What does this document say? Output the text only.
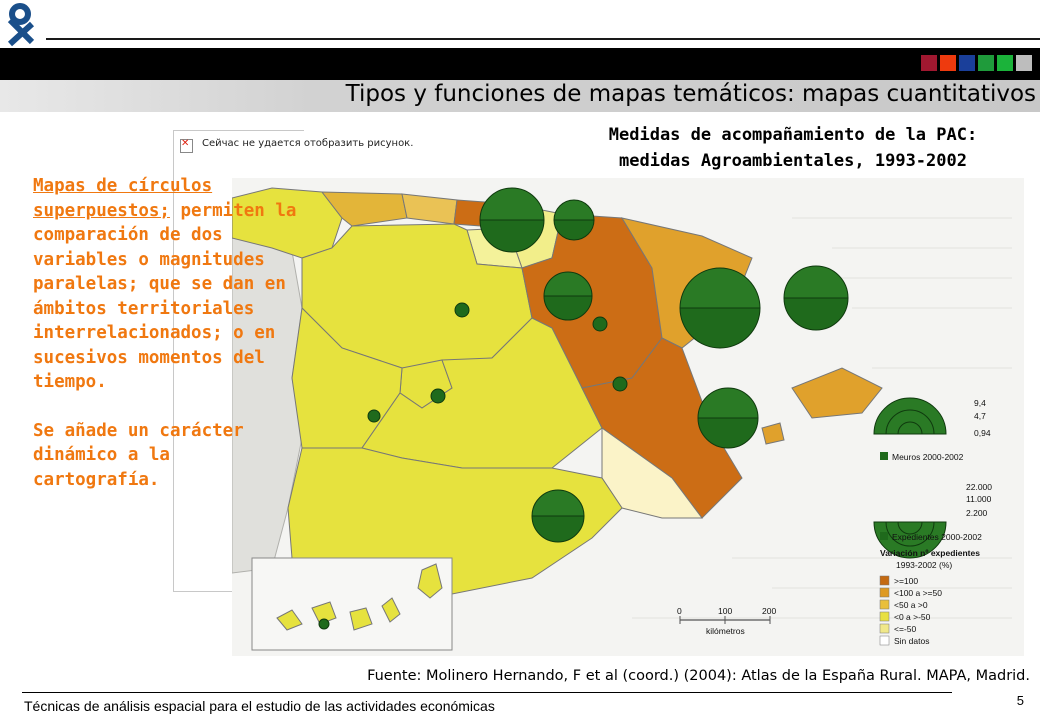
Tipos y funciones de mapas temáticos: mapas cuantitativos
✕
Сейчас не удается отобразить рисунок.
9,4
4,7
0,94
Meuros 2000-2002
22.000
11.000
2.200
Expedientes 2000-2002
Variación nº expedientes
1993-2002 (%)
>=100
<100 a >=50
<50 a >0
<0 a >-50
<=-50
Sin datos
0	100	200
kilómetros
Medidas de acompañamiento de la PAC:
medidas Agroambientales, 1993-2002

Mapas de círculos superpuestos; permiten la comparación de dos variables o magnitudes paralelas; que se dan en ámbitos territoriales interrelacionados; o en sucesivos momentos del tiempo.

Se añade un carácter dinámico a la cartografía.

Fuente: Molinero Hernando, F et al (coord.) (2004): Atlas de la España Rural. MAPA, Madrid.
Técnicas de análisis espacial para el estudio de las actividades económicas	5
